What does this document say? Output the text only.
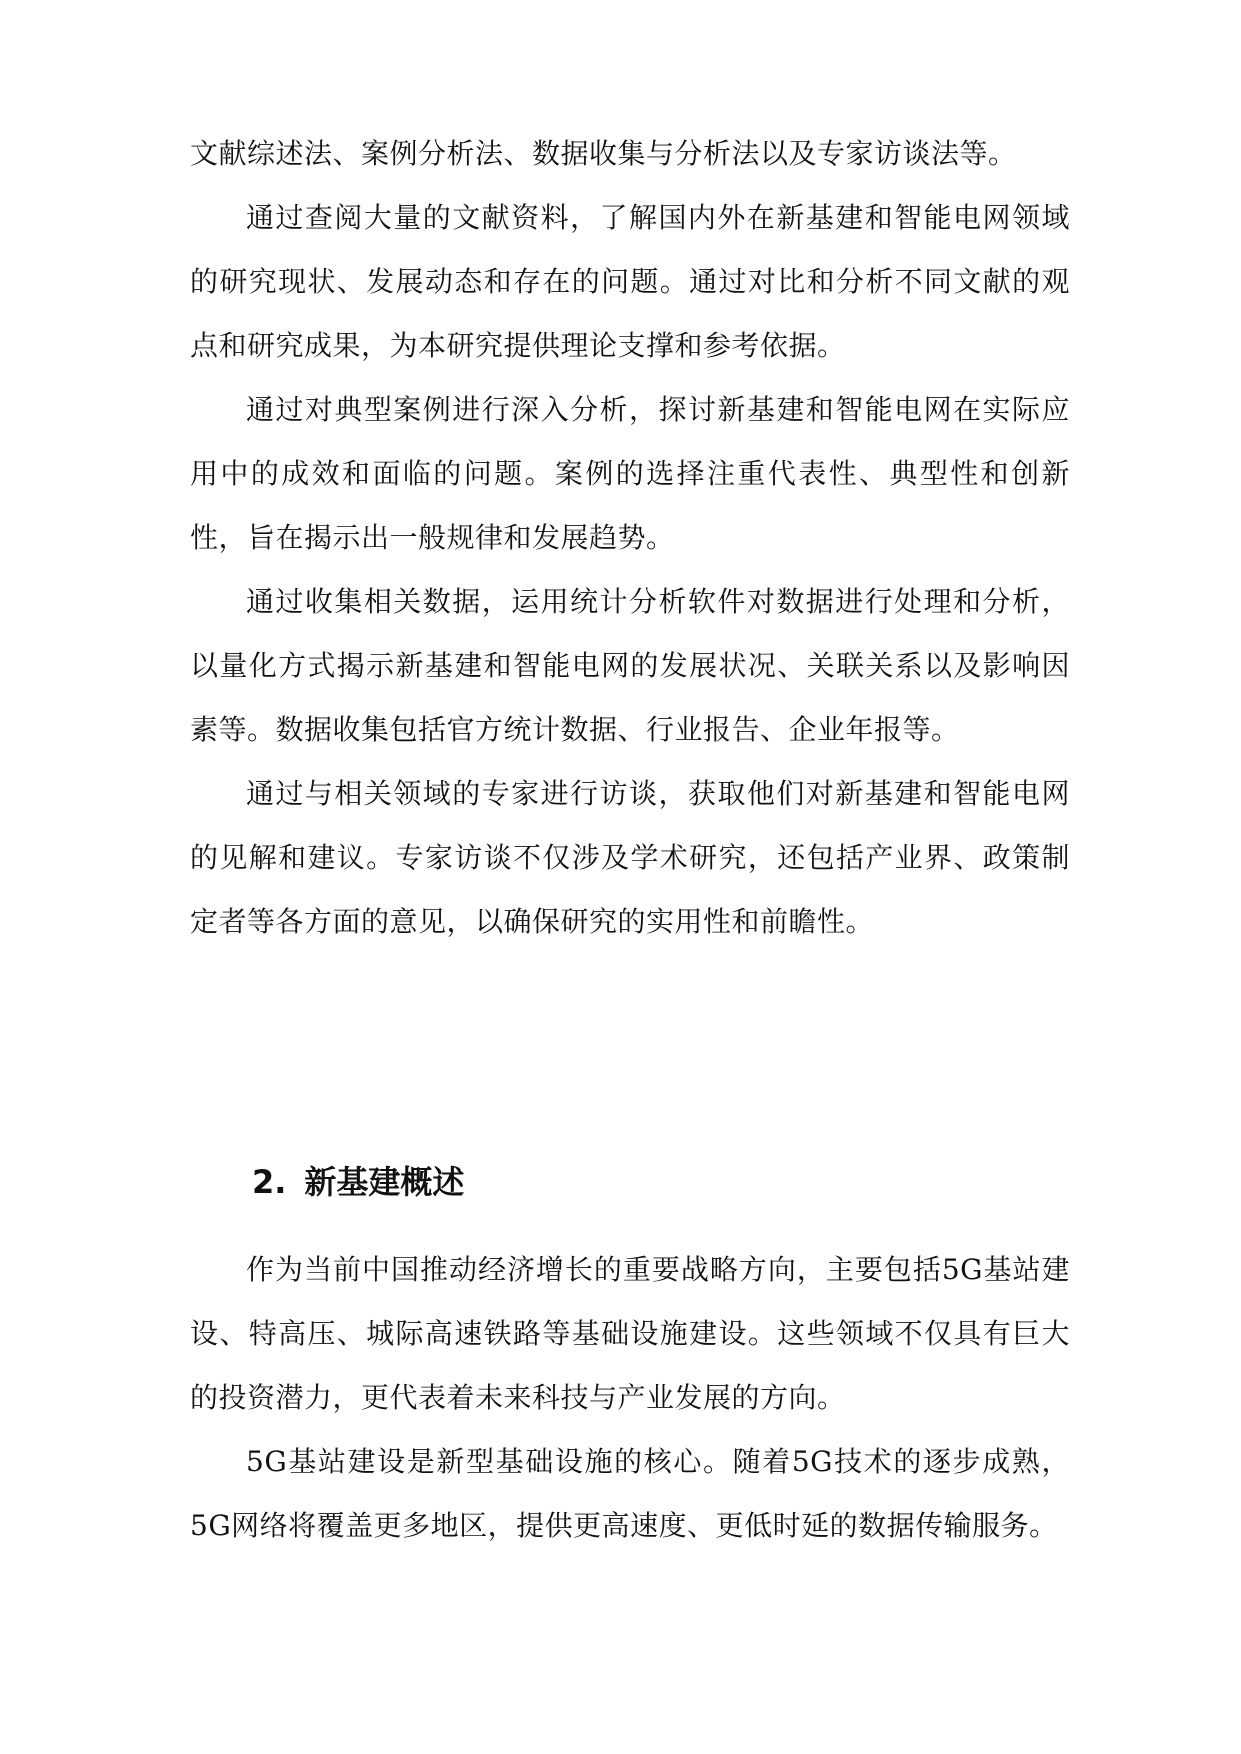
文献综述法、案例分析法、数据收集与分析法以及专家访谈法等。

通过查阅大量的文献资料，了解国内外在新基建和智能电网领域的研究现状、发展动态和存在的问题。通过对比和分析不同文献的观点和研究成果，为本研究提供理论支撑和参考依据。

通过对典型案例进行深入分析，探讨新基建和智能电网在实际应用中的成效和面临的问题。案例的选择注重代表性、典型性和创新性，旨在揭示出一般规律和发展趋势。

通过收集相关数据，运用统计分析软件对数据进行处理和分析，以量化方式揭示新基建和智能电网的发展状况、关联关系以及影响因素等。数据收集包括官方统计数据、行业报告、企业年报等。

通过与相关领域的专家进行访谈，获取他们对新基建和智能电网的见解和建议。专家访谈不仅涉及学术研究，还包括产业界、政策制定者等各方面的意见，以确保研究的实用性和前瞻性。

2. 新基建概述

作为当前中国推动经济增长的重要战略方向，主要包括5G基站建设、特高压、城际高速铁路等基础设施建设。这些领域不仅具有巨大的投资潜力，更代表着未来科技与产业发展的方向。

5G基站建设是新型基础设施的核心。随着5G技术的逐步成熟，5G网络将覆盖更多地区，提供更高速度、更低时延的数据传输服务。
